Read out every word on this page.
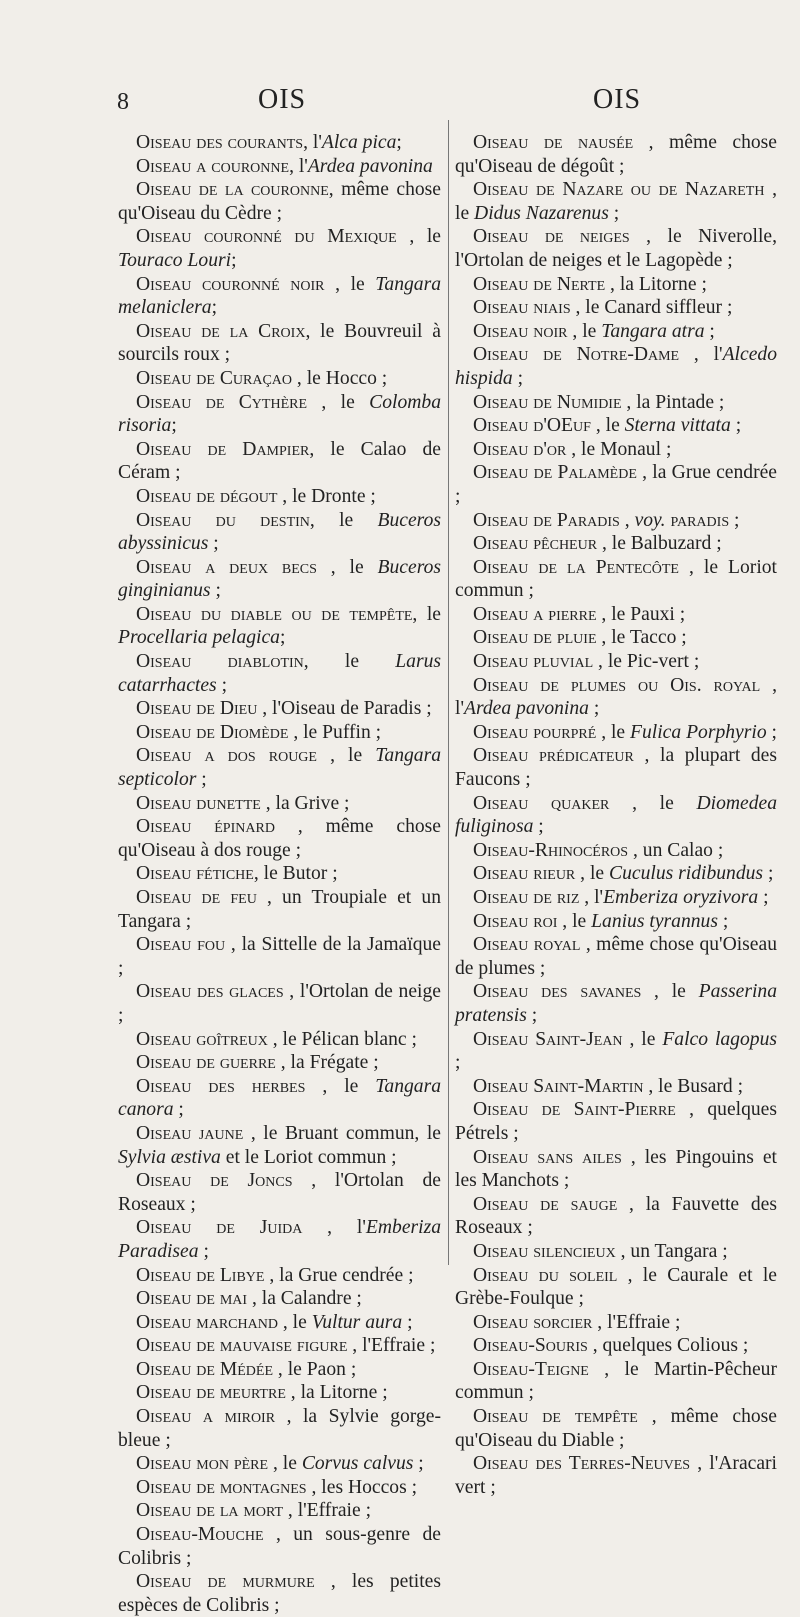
8	OIS	OIS
Oiseau des courants, l'Alca pica;
Oiseau a couronne, l'Ardea pavonina
Oiseau de la couronne, même chose qu'Oiseau du Cèdre ;
Oiseau couronné du Mexique , le Touraco Louri;
Oiseau couronné noir , le Tangara melaniclera;
Oiseau de la Croix, le Bouvreuil à sourcils roux ;
Oiseau de Curaçao , le Hocco ;
Oiseau de Cythère , le Colomba risoria;
Oiseau de Dampier, le Calao de Céram ;
Oiseau de dégout , le Dronte ;
Oiseau du destin, le Buceros abyssinicus ;
Oiseau a deux becs , le Buceros ginginianus ;
Oiseau du diable ou de tempête, le Procellaria pelagica;
Oiseau diablotin, le Larus catarrhactes ;
Oiseau de Dieu , l'Oiseau de Paradis ;
Oiseau de Diomède , le Puffin ;
Oiseau a dos rouge , le Tangara septicolor ;
Oiseau dunette , la Grive ;
Oiseau épinard , même chose qu'Oiseau à dos rouge ;
Oiseau fétiche, le Butor ;
Oiseau de feu , un Troupiale et un Tangara ;
Oiseau fou , la Sittelle de la Jamaïque ;
Oiseau des glaces , l'Ortolan de neige ;
Oiseau goîtreux , le Pélican blanc ;
Oiseau de guerre , la Frégate ;
Oiseau des herbes , le Tangara canora ;
Oiseau jaune , le Bruant commun, le Sylvia æstiva et le Loriot commun ;
Oiseau de Joncs , l'Ortolan de Roseaux ;
Oiseau de Juida , l'Emberiza Paradisea ;
Oiseau de Libye , la Grue cendrée ;
Oiseau de mai , la Calandre ;
Oiseau marchand , le Vultur aura ;
Oiseau de mauvaise figure , l'Effraie ;
Oiseau de Médée , le Paon ;
Oiseau de meurtre , la Litorne ;
Oiseau a miroir , la Sylvie gorge-bleue ;
Oiseau mon père , le Corvus calvus ;
Oiseau de montagnes , les Hoccos ;
Oiseau de la mort , l'Effraie ;
Oiseau-Mouche , un sous-genre de Colibris ;
Oiseau de murmure , les petites espèces de Colibris ;
Oiseau de nausée , même chose qu'Oiseau de dégoût ;
Oiseau de Nazare ou de Nazareth , le Didus Nazarenus ;
Oiseau de neiges , le Niverolle, l'Ortolan de neiges et le Lagopède ;
Oiseau de Nerte , la Litorne ;
Oiseau niais , le Canard siffleur ;
Oiseau noir , le Tangara atra ;
Oiseau de Notre-Dame , l'Alcedo hispida ;
Oiseau de Numidie , la Pintade ;
Oiseau d'OEuf , le Sterna vittata ;
Oiseau d'or , le Monaul ;
Oiseau de Palamède , la Grue cendrée ;
Oiseau de Paradis , voy. paradis ;
Oiseau pêcheur , le Balbuzard ;
Oiseau de la Pentecôte , le Loriot commun ;
Oiseau a pierre , le Pauxi ;
Oiseau de pluie , le Tacco ;
Oiseau pluvial , le Pic-vert ;
Oiseau de plumes ou Ois. royal , l'Ardea pavonina ;
Oiseau pourpré , le Fulica Porphyrio ;
Oiseau prédicateur , la plupart des Faucons ;
Oiseau quaker , le Diomedea fuliginosa ;
Oiseau-Rhinocéros , un Calao ;
Oiseau rieur , le Cuculus ridibundus ;
Oiseau de riz , l'Emberiza oryzivora ;
Oiseau roi , le Lanius tyrannus ;
Oiseau royal , même chose qu'Oiseau de plumes ;
Oiseau des savanes , le Passerina pratensis ;
Oiseau Saint-Jean , le Falco lagopus ;
Oiseau Saint-Martin , le Busard ;
Oiseau de Saint-Pierre , quelques Pétrels ;
Oiseau sans ailes , les Pingouins et les Manchots ;
Oiseau de sauge , la Fauvette des Roseaux ;
Oiseau silencieux , un Tangara ;
Oiseau du soleil , le Caurale et le Grèbe-Foulque ;
Oiseau sorcier , l'Effraie ;
Oiseau-Souris , quelques Colious ;
Oiseau-Teigne , le Martin-Pêcheur commun ;
Oiseau de tempête , même chose qu'Oiseau du Diable ;
Oiseau des Terres-Neuves , l'Aracari vert ;
